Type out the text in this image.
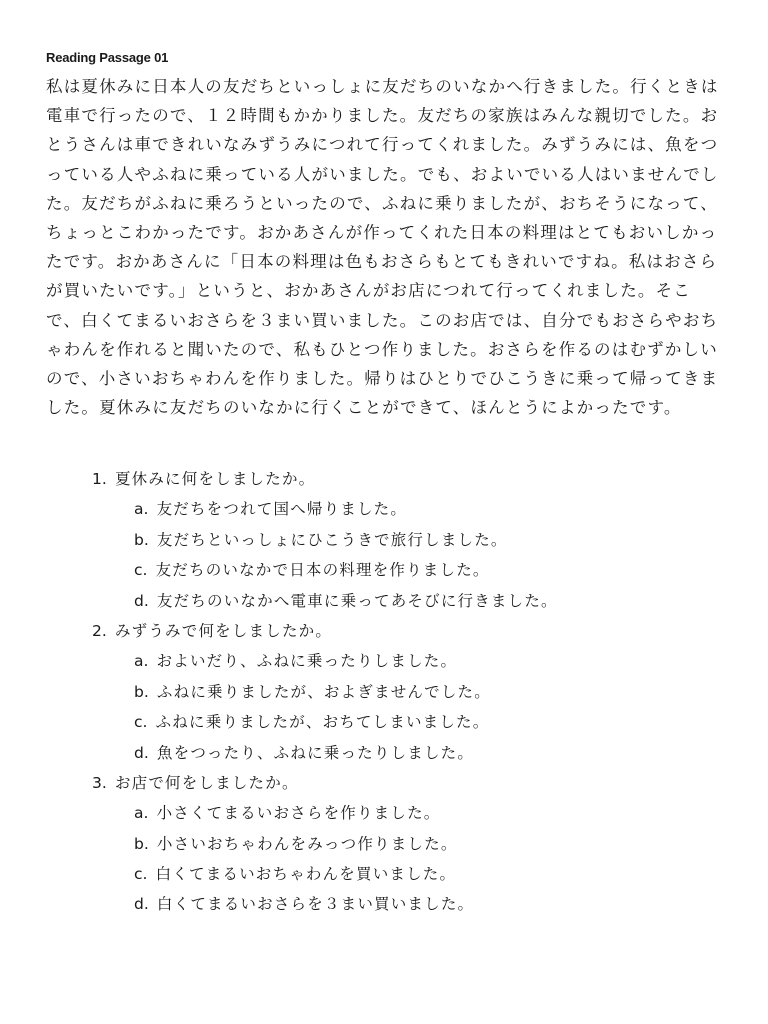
Reading Passage 01
私は夏休みに日本人の友だちといっしょに友だちのいなかへ行きました。行くときは
電車で行ったので、１２時間もかかりました。友だちの家族はみんな親切でした。お
とうさんは車できれいなみずうみにつれて行ってくれました。みずうみには、魚をつ
っている人やふねに乗っている人がいました。でも、およいでいる人はいませんでし
た。友だちがふねに乗ろうといったので、ふねに乗りましたが、おちそうになって、
ちょっとこわかったです。おかあさんが作ってくれた日本の料理はとてもおいしかっ
たです。おかあさんに「日本の料理は色もおさらもとてもきれいですね。私はおさら
が買いたいです。」というと、おかあさんがお店につれて行ってくれました。そこ
で、白くてまるいおさらを３まい買いました。このお店では、自分でもおさらやおち
ゃわんを作れると聞いたので、私もひとつ作りました。おさらを作るのはむずかしい
ので、小さいおちゃわんを作りました。帰りはひとりでひこうきに乗って帰ってきま
した。夏休みに友だちのいなかに行くことができて、ほんとうによかったです。
1. 夏休みに何をしましたか。
a. 友だちをつれて国へ帰りました。
b. 友だちといっしょにひこうきで旅行しました。
c. 友だちのいなかで日本の料理を作りました。
d. 友だちのいなかへ電車に乗ってあそびに行きました。
2. みずうみで何をしましたか。
a. およいだり、ふねに乗ったりしました。
b. ふねに乗りましたが、およぎませんでした。
c. ふねに乗りましたが、おちてしまいました。
d. 魚をつったり、ふねに乗ったりしました。
3. お店で何をしましたか。
a. 小さくてまるいおさらを作りました。
b. 小さいおちゃわんをみっつ作りました。
c. 白くてまるいおちゃわんを買いました。
d. 白くてまるいおさらを３まい買いました。
